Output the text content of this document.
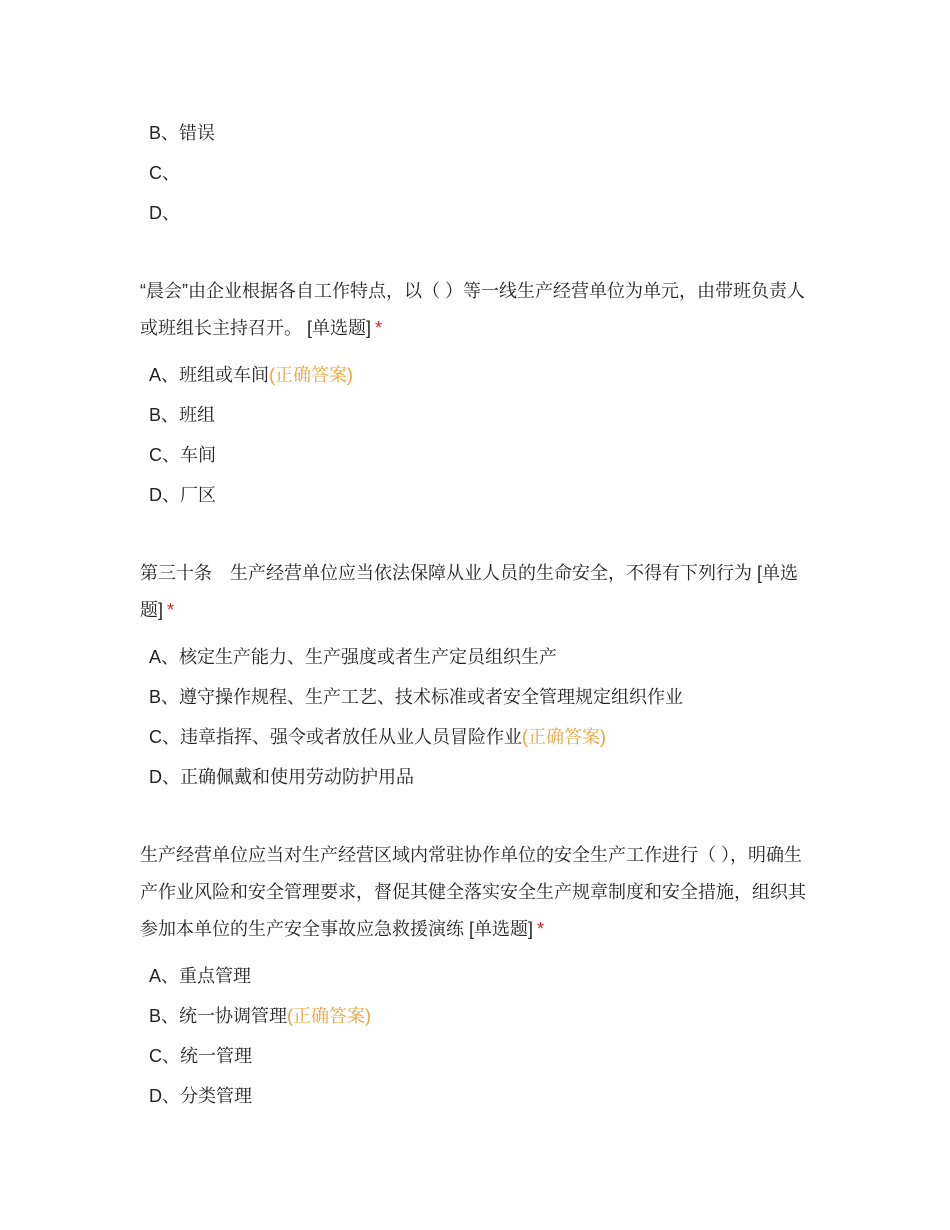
B、错误
C、
D、
“晨会”由企业根据各自工作特点，以（ ）等一线生产经营单位为单元，由带班负责人或班组长主持召开。 [单选题] *
A、班组或车间(正确答案)
B、班组
C、车间
D、厂区
第三十条　生产经营单位应当依法保障从业人员的生命安全，不得有下列行为 [单选题] *
A、核定生产能力、生产强度或者生产定员组织生产
B、遵守操作规程、生产工艺、技术标准或者安全管理规定组织作业
C、违章指挥、强令或者放任从业人员冒险作业(正确答案)
D、正确佩戴和使用劳动防护用品
生产经营单位应当对生产经营区域内常驻协作单位的安全生产工作进行（ ），明确生产作业风险和安全管理要求，督促其健全落实安全生产规章制度和安全措施，组织其参加本单位的生产安全事故应急救援演练 [单选题] *
A、重点管理
B、统一协调管理(正确答案)
C、统一管理
D、分类管理
